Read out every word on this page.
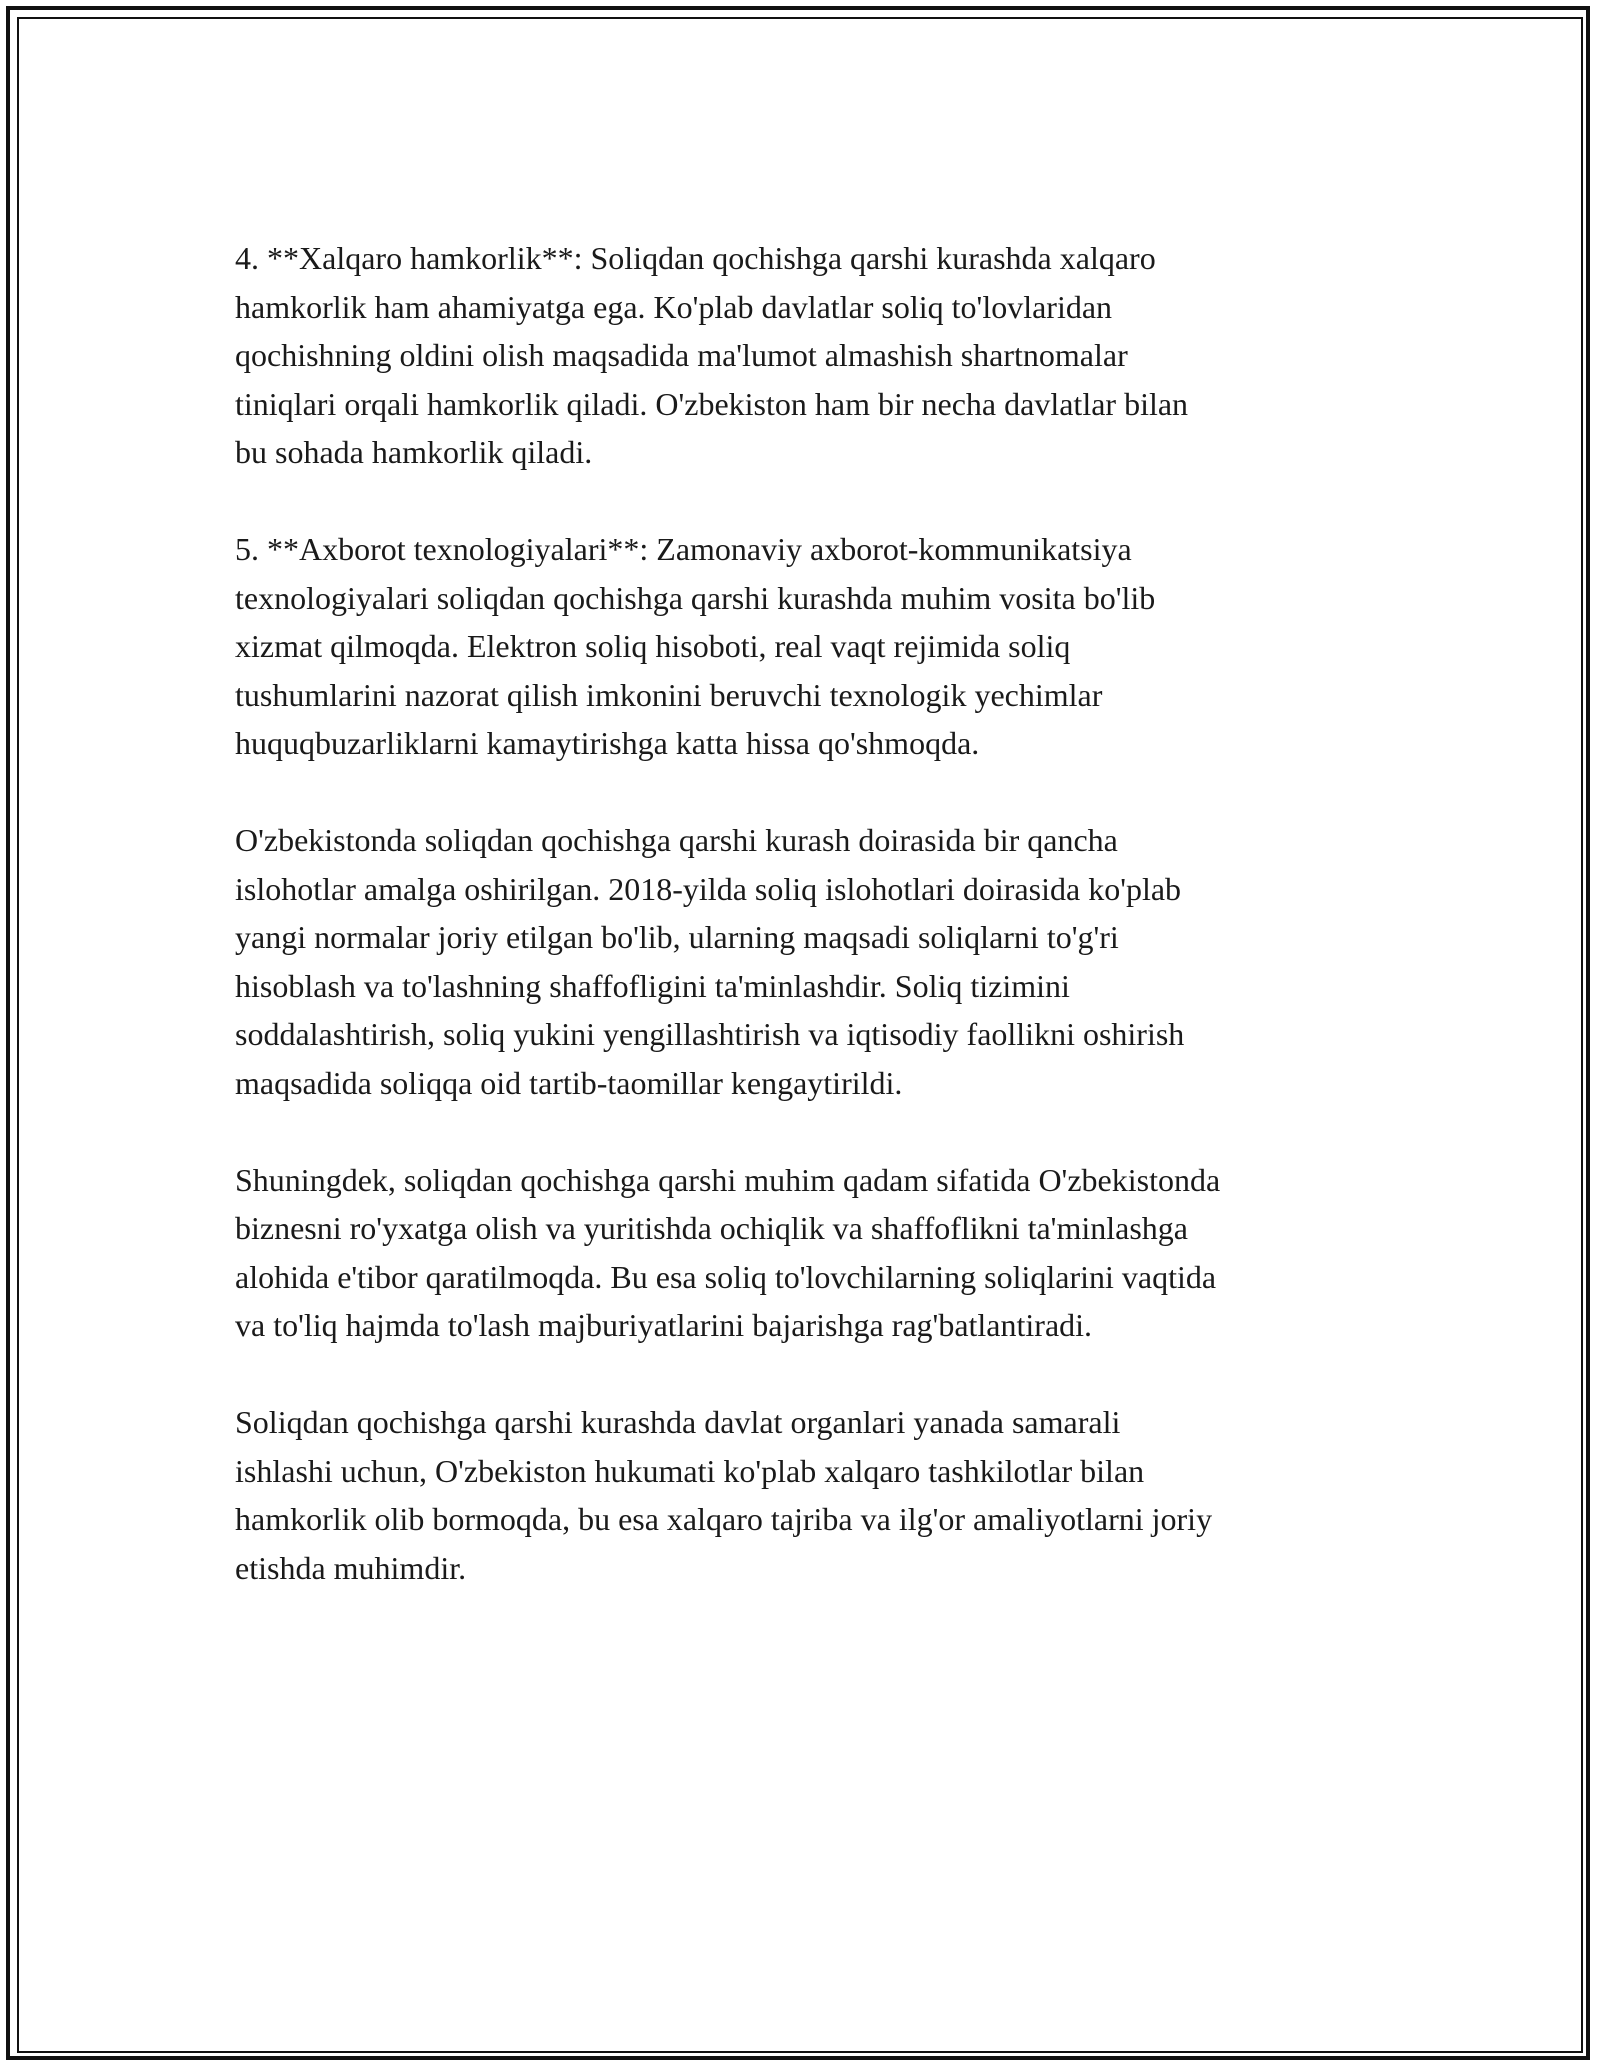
4. **Xalqaro hamkorlik**: Soliqdan qochishga qarshi kurashda xalqaro
hamkorlik ham ahamiyatga ega. Ko'plab davlatlar soliq to'lovlaridan
qochishning oldini olish maqsadida ma'lumot almashish shartnomalar
tiniqlari orqali hamkorlik qiladi. O'zbekiston ham bir necha davlatlar bilan
bu sohada hamkorlik qiladi.

5. **Axborot texnologiyalari**: Zamonaviy axborot-kommunikatsiya
texnologiyalari soliqdan qochishga qarshi kurashda muhim vosita bo'lib
xizmat qilmoqda. Elektron soliq hisoboti, real vaqt rejimida soliq
tushumlarini nazorat qilish imkonini beruvchi texnologik yechimlar
huquqbuzarliklarni kamaytirishga katta hissa qo'shmoqda.

O'zbekistonda soliqdan qochishga qarshi kurash doirasida bir qancha
islohotlar amalga oshirilgan. 2018-yilda soliq islohotlari doirasida ko'plab
yangi normalar joriy etilgan bo'lib, ularning maqsadi soliqlarni to'g'ri
hisoblash va to'lashning shaffofligini ta'minlashdir. Soliq tizimini
soddalashtirish, soliq yukini yengillashtirish va iqtisodiy faollikni oshirish
maqsadida soliqqa oid tartib-taomillar kengaytirildi.

Shuningdek, soliqdan qochishga qarshi muhim qadam sifatida O'zbekistonda
biznesni ro'yxatga olish va yuritishda ochiqlik va shaffoflikni ta'minlashga
alohida e'tibor qaratilmoqda. Bu esa soliq to'lovchilarning soliqlarini vaqtida
va to'liq hajmda to'lash majburiyatlarini bajarishga rag'batlantiradi.

Soliqdan qochishga qarshi kurashda davlat organlari yanada samarali
ishlashi uchun, O'zbekiston hukumati ko'plab xalqaro tashkilotlar bilan
hamkorlik olib bormoqda, bu esa xalqaro tajriba va ilg'or amaliyotlarni joriy
etishda muhimdir.
